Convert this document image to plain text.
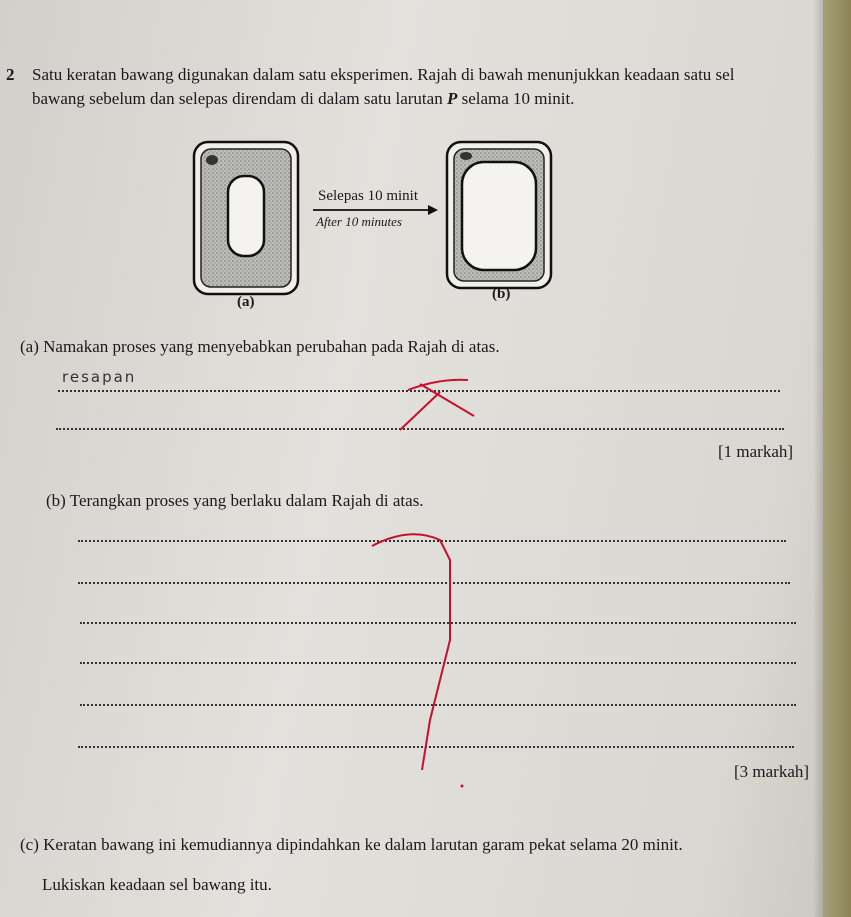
2 Satu keratan bawang digunakan dalam satu eksperimen. Rajah di bawah menunjukkan keadaan satu sel
bawang sebelum dan selepas direndam di dalam satu larutan P selama 10 minit.
Selepas 10 minit
After 10 minutes
(a)	(b)
(a) Namakan proses yang menyebabkan perubahan pada Rajah di atas.
resapan
[1 markah]
(b) Terangkan proses yang berlaku dalam Rajah di atas.
[3 markah]
(c) Keratan bawang ini kemudiannya dipindahkan ke dalam larutan garam pekat selama 20 minit.
Lukiskan keadaan sel bawang itu.
